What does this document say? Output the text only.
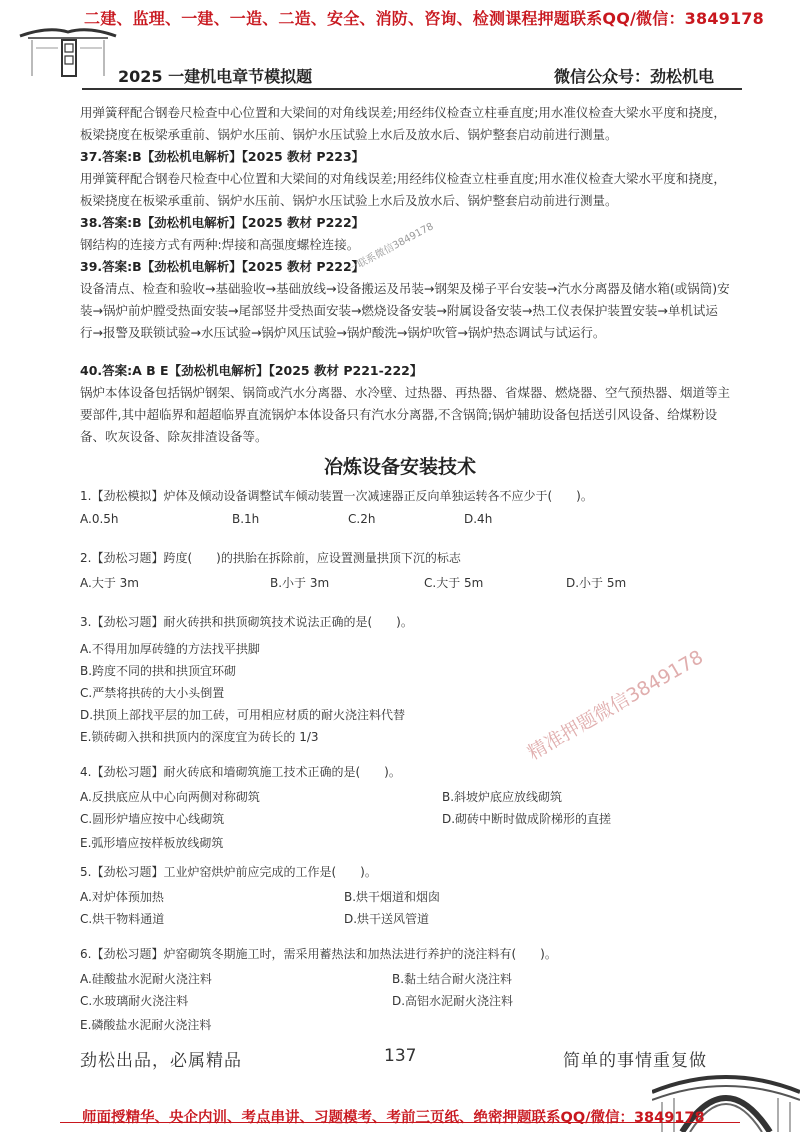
二建、监理、一建、一造、二造、安全、消防、咨询、检测课程押题联系QQ/微信：3849178
2025 一建机电章节模拟题	微信公众号：劲松机电
用弹簧秤配合钢卷尺检查中心位置和大梁间的对角线误差;用经纬仪检查立柱垂直度;用水准仪检查大梁水平度和挠度，板梁挠度在板梁承重前、锅炉水压前、锅炉水压试验上水后及放水后、锅炉整套启动前进行测量。
37.答案:B【劲松机电解析】【2025 教材 P223】
用弹簧秤配合钢卷尺检查中心位置和大梁间的对角线误差;用经纬仪检查立柱垂直度;用水准仪检查大梁水平度和挠度，板梁挠度在板梁承重前、锅炉水压前、锅炉水压试验上水后及放水后、锅炉整套启动前进行测量。
38.答案:B【劲松机电解析】【2025 教材 P222】
钢结构的连接方式有两种:焊接和高强度螺栓连接。
39.答案:B【劲松机电解析】【2025 教材 P222】
设备清点、检查和验收→基础验收→基础放线→设备搬运及吊装→钢架及梯子平台安装→汽水分离器及储水箱(或锅筒)安装→锅炉前炉膛受热面安装→尾部竖井受热面安装→燃烧设备安装→附属设备安装→热工仪表保护装置安装→单机试运行→报警及联锁试验→水压试验→锅炉风压试验→锅炉酸洗→锅炉吹管→锅炉热态调试与试运行。
40.答案:A B E【劲松机电解析】【2025 教材 P221-222】
锅炉本体设备包括锅炉钢架、锅筒或汽水分离器、水冷壁、过热器、再热器、省煤器、燃烧器、空气预热器、烟道等主要部件,其中超临界和超超临界直流锅炉本体设备只有汽水分离器,不含锅筒;锅炉辅助设备包括送引风设备、给煤粉设备、吹灰设备、除灰排渣设备等。
一联系微信3849178
冶炼设备安装技术
1.【劲松模拟】炉体及倾动设备调整试车倾动装置一次减速器正反向单独运转各不应少于(　　)。
A.0.5h	B.1h	C.2h	D.4h
2.【劲松习题】跨度(　　)的拱胎在拆除前，应设置测量拱顶下沉的标志
A.大于 3m	B.小于 3m	C.大于 5m	D.小于 5m
3.【劲松习题】耐火砖拱和拱顶砌筑技术说法正确的是(　　)。
A.不得用加厚砖缝的方法找平拱脚
B.跨度不同的拱和拱顶宜环砌
C.严禁将拱砖的大小头倒置
D.拱顶上部找平层的加工砖，可用相应材质的耐火浇注料代替
E.锁砖砌入拱和拱顶内的深度宜为砖长的 1/3
4.【劲松习题】耐火砖底和墙砌筑施工技术正确的是(　　)。
A.反拱底应从中心向两侧对称砌筑	B.斜坡炉底应放线砌筑
C.圆形炉墙应按中心线砌筑	D.砌砖中断时做成阶梯形的直搓
E.弧形墙应按样板放线砌筑
5.【劲松习题】工业炉窑烘炉前应完成的工作是(　　)。
A.对炉体预加热	B.烘干烟道和烟囱
C.烘干物料通道	D.烘干送风管道
6.【劲松习题】炉窑砌筑冬期施工时，需采用蓄热法和加热法进行养护的浇注料有(　　)。
A.硅酸盐水泥耐火浇注料	B.黏土结合耐火浇注料
C.水玻璃耐火浇注料	D.高铝水泥耐火浇注料
E.磷酸盐水泥耐火浇注料
精准押题微信3849178
劲松出品，必属精品	137	简单的事情重复做
师面授精华、央企内训、考点串讲、习题模考、考前三页纸、绝密押题联系QQ/微信：3849178
